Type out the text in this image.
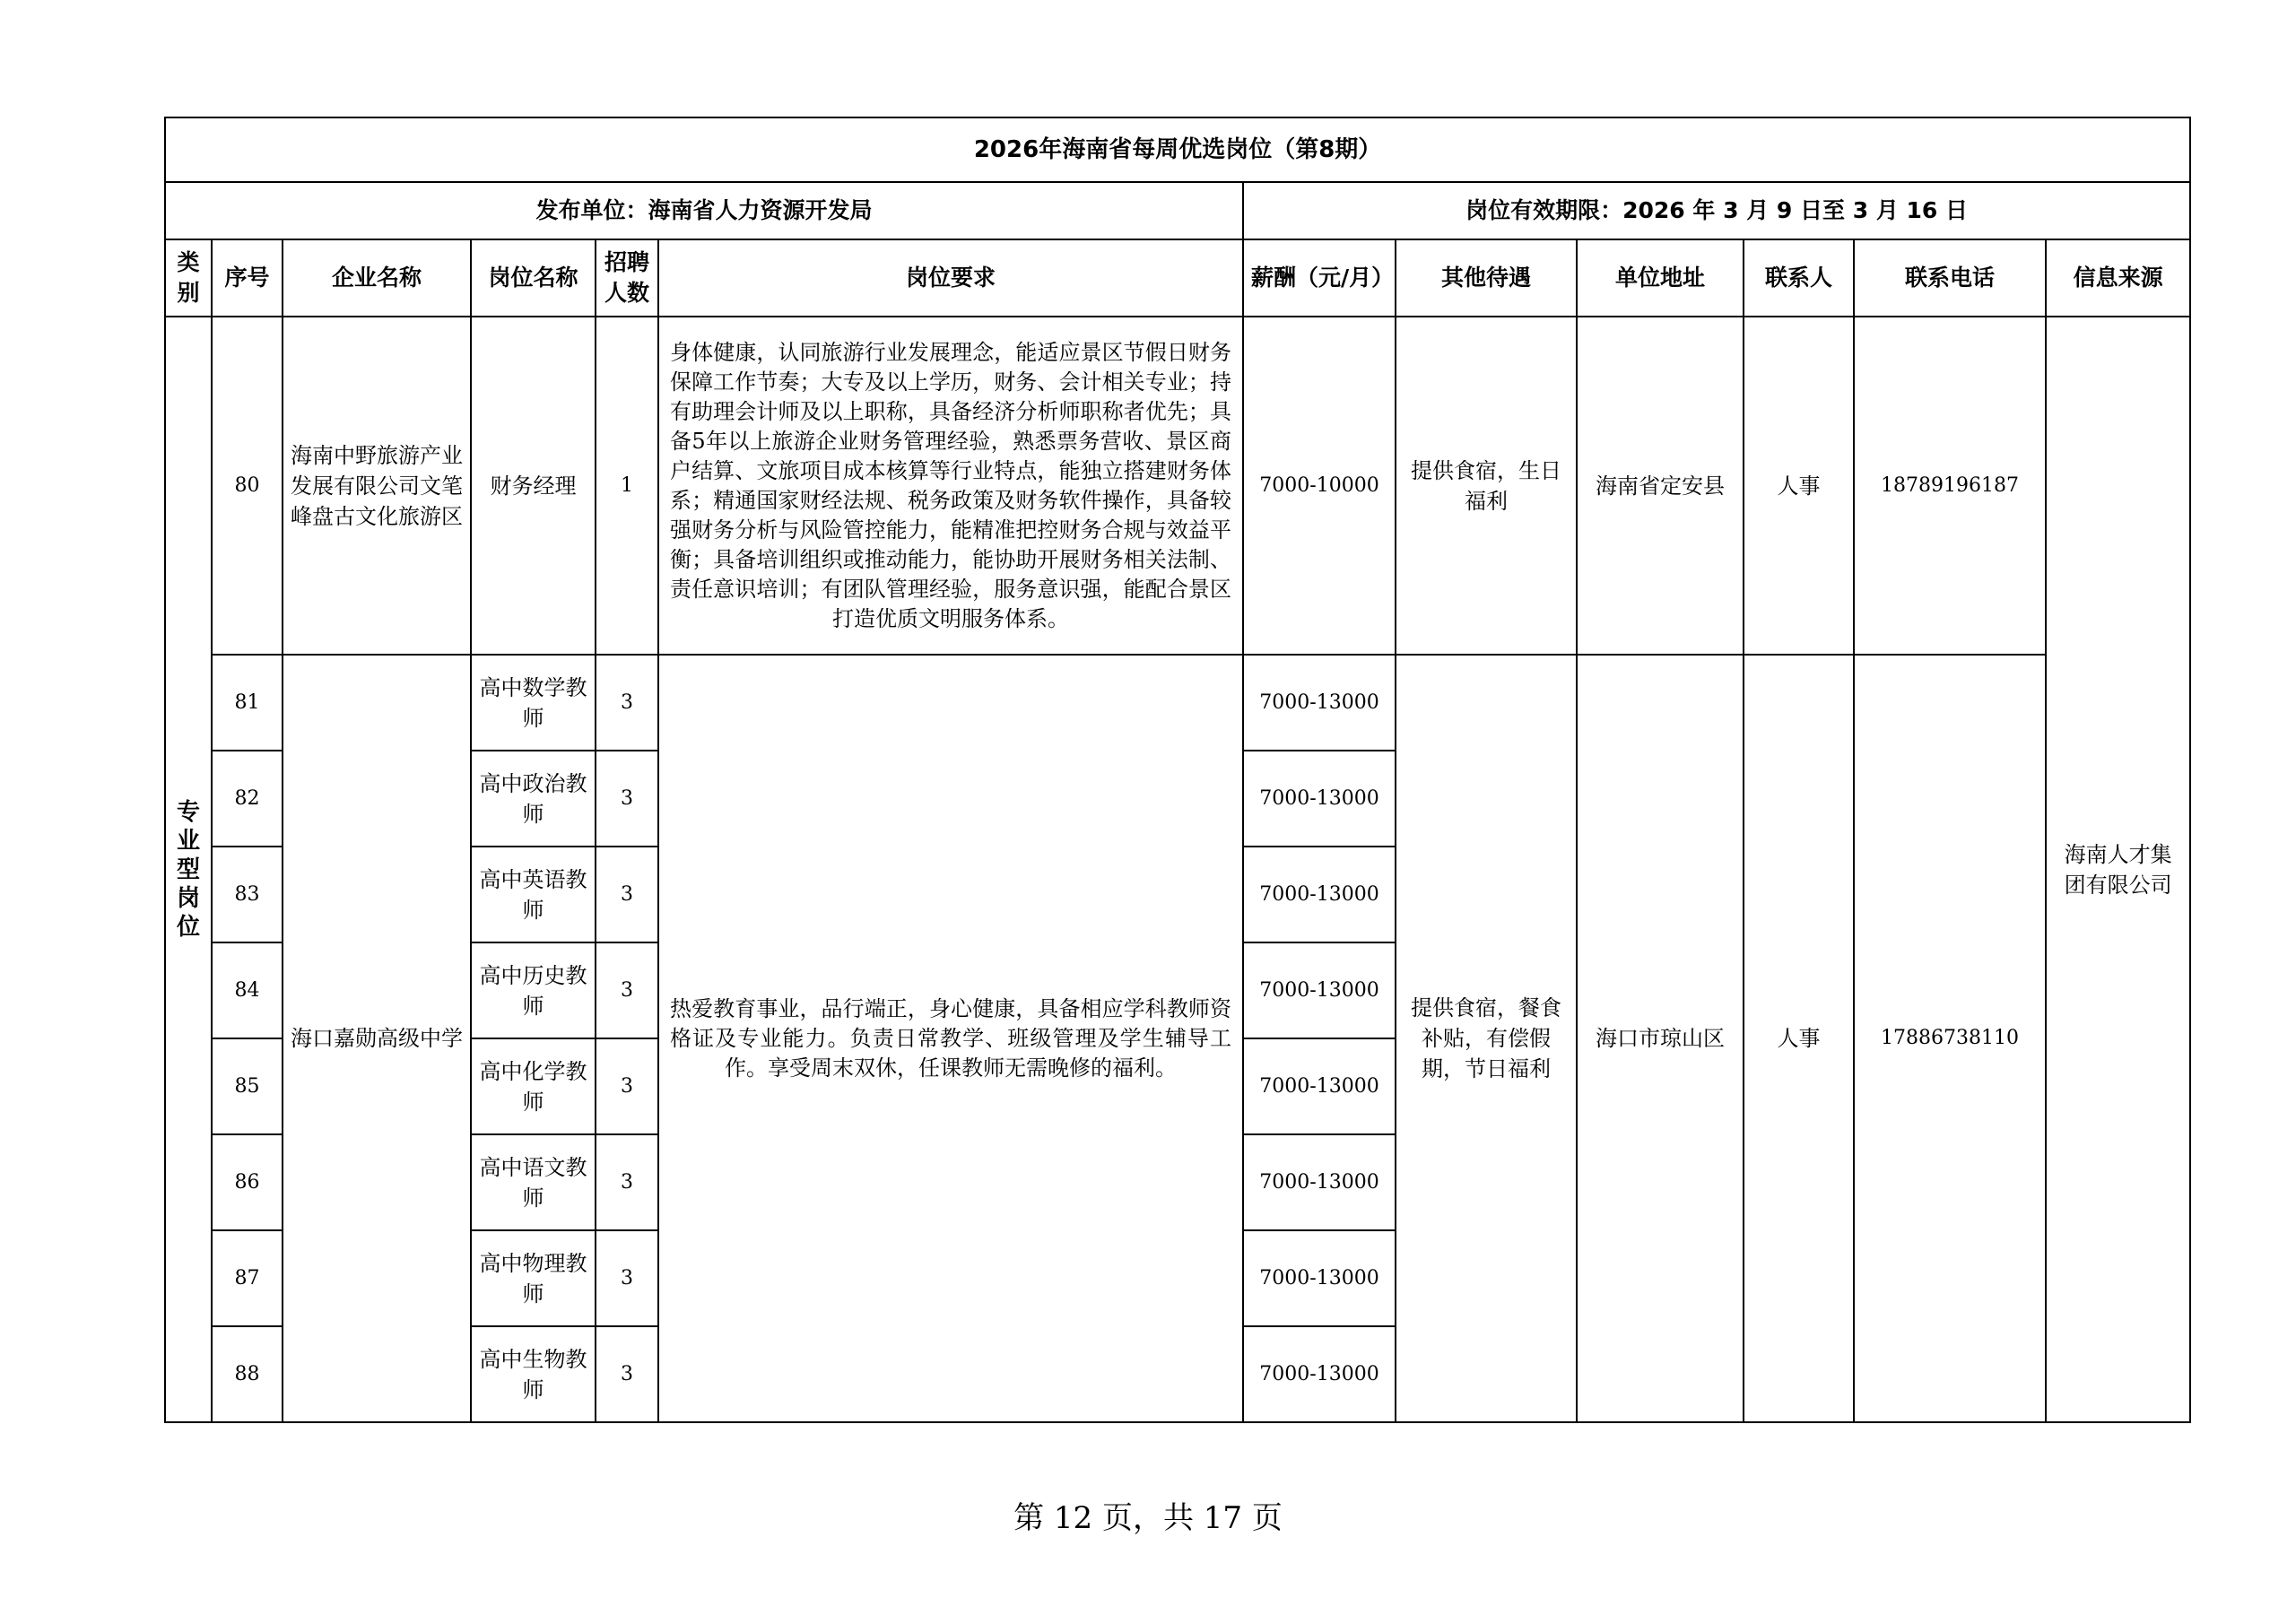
2026年海南省每周优选岗位（第8期）											
发布单位：海南省人力资源开发局						岗位有效期限：2026 年 3 月 9 日至 3 月 16 日					
类别	序号	企业名称	岗位名称	招聘人数	岗位要求	薪酬（元/月）	其他待遇	单位地址	联系人	联系电话	信息来源
专业型岗位	80	海南中野旅游产业发展有限公司文笔峰盘古文化旅游区	财务经理	1	身体健康，认同旅游行业发展理念，能适应景区节假日财务保障工作节奏；大专及以上学历，财务、会计相关专业；持有助理会计师及以上职称，具备经济分析师职称者优先；具备5年以上旅游企业财务管理经验，熟悉票务营收、景区商户结算、文旅项目成本核算等行业特点，能独立搭建财务体系；精通国家财经法规、税务政策及财务软件操作，具备较强财务分析与风险管控能力，能精准把控财务合规与效益平衡；具备培训组织或推动能力，能协助开展财务相关法制、责任意识培训；有团队管理经验，服务意识强，能配合景区打造优质文明服务体系。	7000-10000	提供食宿，生日福利	海南省定安县	人事	18789196187	海南人才集团有限公司
	81	海口嘉勋高级中学	高中数学教师	3	热爱教育事业，品行端正，身心健康，具备相应学科教师资格证及专业能力。负责日常教学、班级管理及学生辅导工作。享受周末双休，任课教师无需晚修的福利。	7000-13000	提供食宿，餐食补贴，有偿假期，节日福利	海口市琼山区	人事	17886738110	
	82		高中政治教师	3		7000-13000					
	83		高中英语教师	3		7000-13000					
	84		高中历史教师	3		7000-13000					
	85		高中化学教师	3		7000-13000					
	86		高中语文教师	3		7000-13000					
	87		高中物理教师	3		7000-13000					
	88		高中生物教师	3		7000-13000					
第 12 页，共 17 页
